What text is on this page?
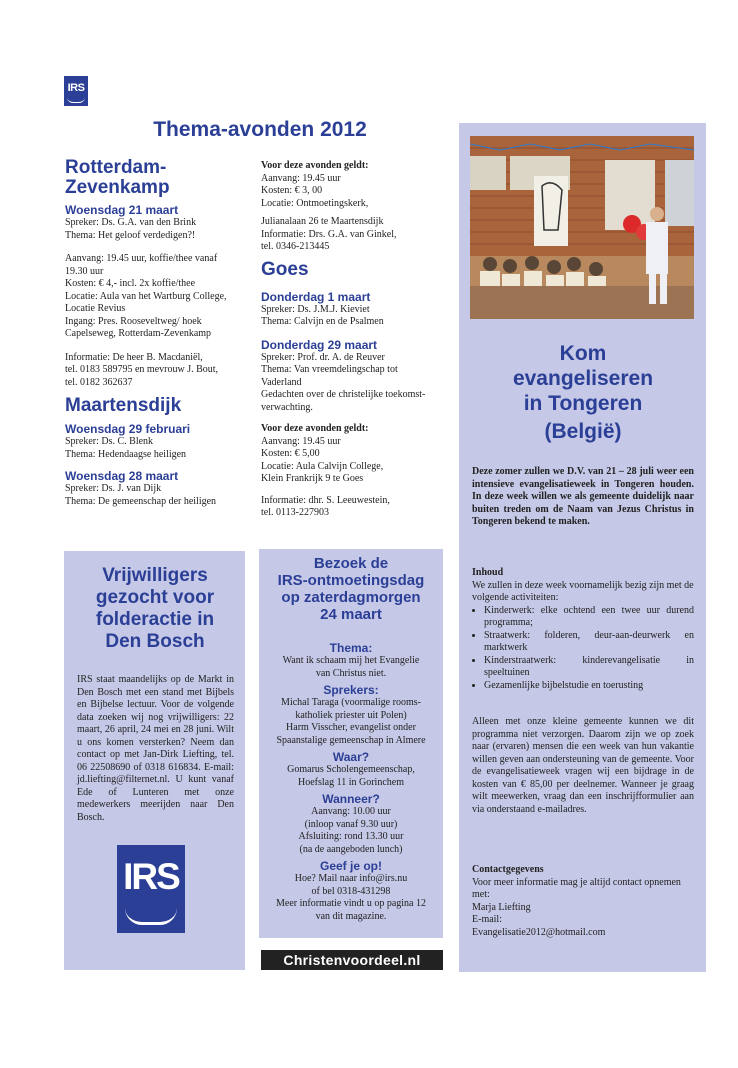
IRS
Thema-avonden 2012

Rotterdam-

Zevenkamp

Woensdag 21 maart

Spreker: Ds. G.A. van den Brink

Thema: Het geloof verdedigen?!

Aanvang: 19.45 uur, koffie/thee vanaf

19.30 uur

Kosten: € 4,- incl. 2x koffie/thee

Locatie: Aula van het Wartburg College,

Locatie Revius

Ingang: Pres. Rooseveltweg/ hoek

Capelseweg, Rotterdam-Zevenkamp

Informatie: De heer B. Macdaniël,

tel. 0183 589795 en mevrouw J. Bout,

tel. 0182 362637

Maartensdijk

Woensdag 29 februari

Spreker: Ds. C. Blenk

Thema: Hedendaagse heiligen

Woensdag 28 maart

Spreker: Ds. J. van Dijk

Thema: De gemeenschap der heiligen

Voor deze avonden geldt:

Aanvang: 19.45 uur

Kosten: € 3, 00

Locatie: Ontmoetingskerk,

Julianalaan 26 te Maartensdijk

Informatie: Drs. G.A. van Ginkel,

tel. 0346-213445

Goes

Donderdag 1 maart

Spreker: Ds. J.M.J. Kieviet

Thema: Calvijn en de Psalmen

Donderdag 29 maart

Spreker: Prof. dr. A. de Reuver

Thema: Van vreemdelingschap tot

Vaderland

Gedachten over de christelijke toekomst-

verwachting.

Voor deze avonden geldt:

Aanvang: 19.45 uur

Kosten: € 5,00

Locatie: Aula Calvijn College,

Klein Frankrijk 9 te Goes

Informatie: dhr. S. Leeuwestein,

tel. 0113-227903

Vrijwilligers
gezocht voor
folderactie in
Den Bosch
IRS staat maandelijks op de Markt in Den Bosch met een stand met Bijbels en Bijbelse lectuur. Voor de volgende data zoeken wij nog vrijwilligers: 22 maart, 26 april, 24 mei en 28 juni. Wilt u ons komen versterken? Neem dan contact op met Jan-Dirk Liefting, tel. 06 22508690 of 0318 616834. E-mail: jd.liefting@filternet.nl. U kunt vanaf Ede of Lunteren met onze medewerkers meerijden naar Den Bosch.
IRS
Bezoek de
IRS-ontmoetingsdag
op zaterdagmorgen
24 maart
Thema:

Want ik schaam mij het Evangelie
van Christus niet.

Sprekers:

Michal Taraga (voormalige rooms-
katholiek priester uit Polen)
Harm Visscher, evangelist onder
Spaanstalige gemeenschap in Almere

Waar?

Gomarus Scholengemeenschap,
Hoefslag 11 in Gorinchem

Wanneer?

Aanvang: 10.00 uur
(inloop vanaf 9.30 uur)
Afsluiting: rond 13.30 uur
(na de aangeboden lunch)

Geef je op!

Hoe? Mail naar info@irs.nu
of bel 0318-431298
Meer informatie vindt u op pagina 12
van dit magazine.

Christenvoordeel.nl
Kom
evangeliseren
in Tongeren
(België)
Deze zomer zullen we D.V. van 21 – 28 juli weer een intensieve evangelisatieweek in Tongeren houden. In deze week willen we als gemeente duidelijk naar buiten treden om de Naam van Jezus Christus in Tongeren bekend te maken.
Inhoud
We zullen in deze week voornamelijk bezig zijn met de volgende activiteiten:
• Kinderwerk: elke ochtend een twee uur durend programma;
• Straatwerk: folderen, deur-aan-deurwerk en marktwerk
• Kinderstraatwerk: kinderevangelisatie in speeltuinen
• Gezamenlijke bijbelstudie en toerusting
Alleen met onze kleine gemeente kunnen we dit programma niet verzorgen. Daarom zijn we op zoek naar (ervaren) mensen die een week van hun vakantie willen geven aan ondersteuning van de gemeente. Voor de evangelisatieweek vragen wij een bijdrage in de kosten van € 85,00 per deelnemer. Wanneer je graag wilt meewerken, vraag dan een inschrijfformulier aan via onderstaand e-mailadres.
Contactgegevens
Voor meer informatie mag je altijd contact opnemen met:
Marja Liefting
E-mail:
Evangelisatie2012@hotmail.com
